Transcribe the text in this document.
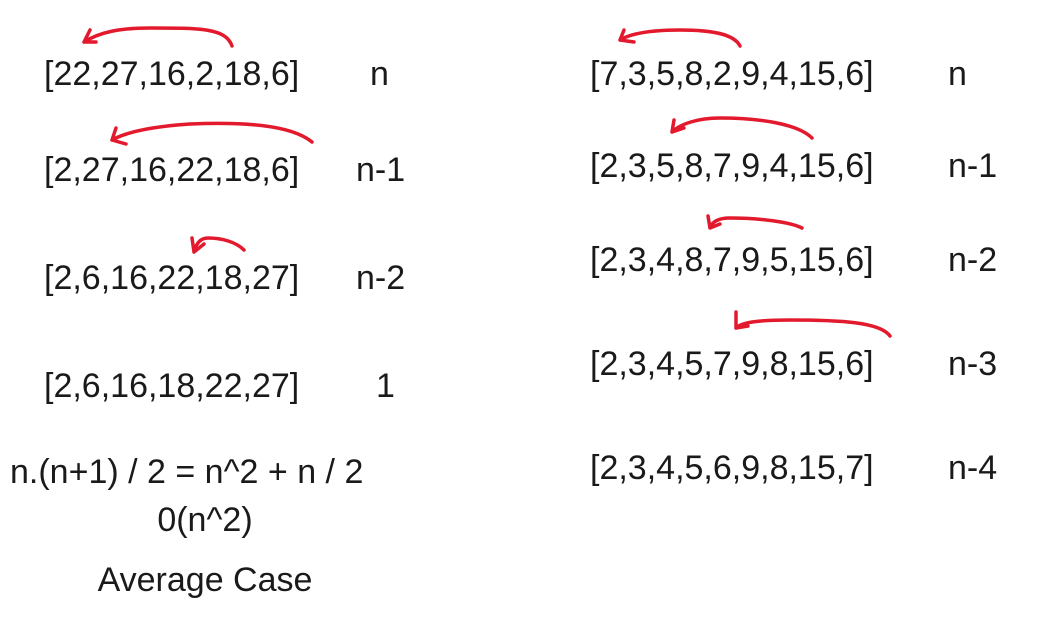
[22,27,16,2,18,6] n
[2,27,16,22,18,6] n-1
[2,6,16,22,18,27] n-2
[2,6,16,18,22,27] 1
n.(n+1) / 2 = n^2 + n / 2
0(n^2)
Average Case
[7,3,5,8,2,9,4,15,6] n
[2,3,5,8,7,9,4,15,6] n-1
[2,3,4,8,7,9,5,15,6] n-2
[2,3,4,5,7,9,8,15,6] n-3
[2,3,4,5,6,9,8,15,7] n-4
